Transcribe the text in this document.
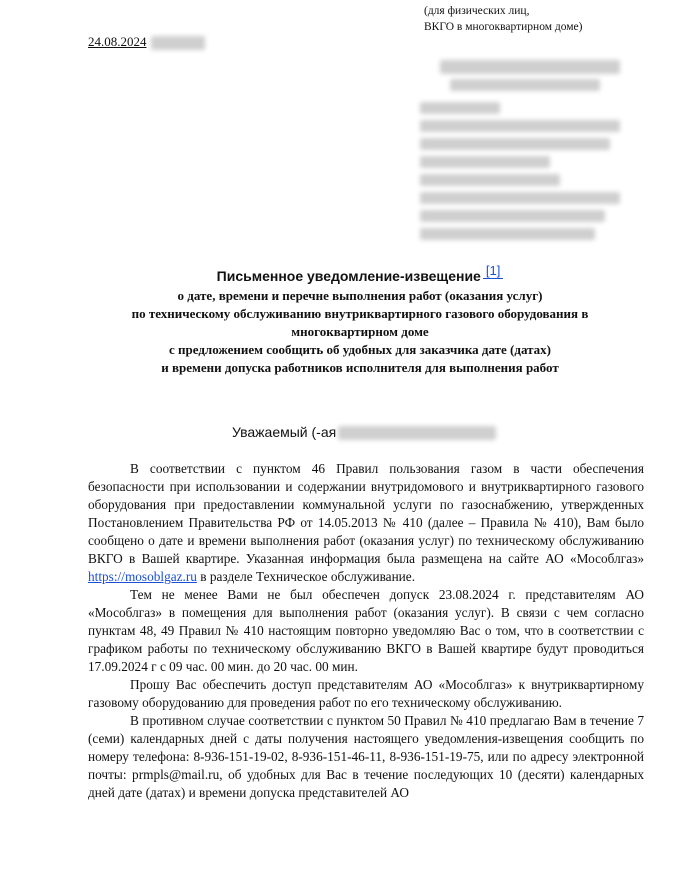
(для физических лиц,
ВКГО в многоквартирном доме)
24.08.2024
Письменное уведомление-извещение [1]
о дате, времени и перечне выполнения работ (оказания услуг)
по техническому обслуживанию внутриквартирного газового оборудования в многоквартирном доме
с предложением сообщить об удобных для заказчика дате (датах)
и времени допуска работников исполнителя для выполнения работ
Уважаемый (-ая

В соответствии с пунктом 46 Правил пользования газом в части обеспечения безопасности при использовании и содержании внутридомового и внутриквартирного газового оборудования при предоставлении коммунальной услуги по газоснабжению, утвержденных Постановлением Правительства РФ от 14.05.2013 № 410 (далее – Правила № 410), Вам было сообщено о дате и времени выполнения работ (оказания услуг) по техническому обслуживанию ВКГО в Вашей квартире. Указанная информация была размещена на сайте АО «Мособлгаз» https://mosoblgaz.ru в разделе Техническое обслуживание.

Тем не менее Вами не был обеспечен допуск 23.08.2024 г. представителям АО «Мособлгаз» в помещения для выполнения работ (оказания услуг). В связи с чем согласно пунктам 48, 49 Правил № 410 настоящим повторно уведомляю Вас о том, что в соответствии с графиком работы по техническому обслуживанию ВКГО в Вашей квартире будут проводиться 17.09.2024 г с 09 час. 00 мин. до 20 час. 00 мин.

Прошу Вас обеспечить доступ представителям АО «Мособлгаз» к внутриквартирному газовому оборудованию для проведения работ по его техническому обслуживанию.

В противном случае соответствии с пунктом 50 Правил № 410 предлагаю Вам в течение 7 (семи) календарных дней с даты получения настоящего уведомления-извещения сообщить по номеру телефона: 8-936-151-19-02, 8-936-151-46-11, 8-936-151-19-75, или по адресу электронной почты: prmpls@mail.ru, об удобных для Вас в течение последующих 10 (десяти) календарных дней дате (датах) и времени допуска представителей АО
